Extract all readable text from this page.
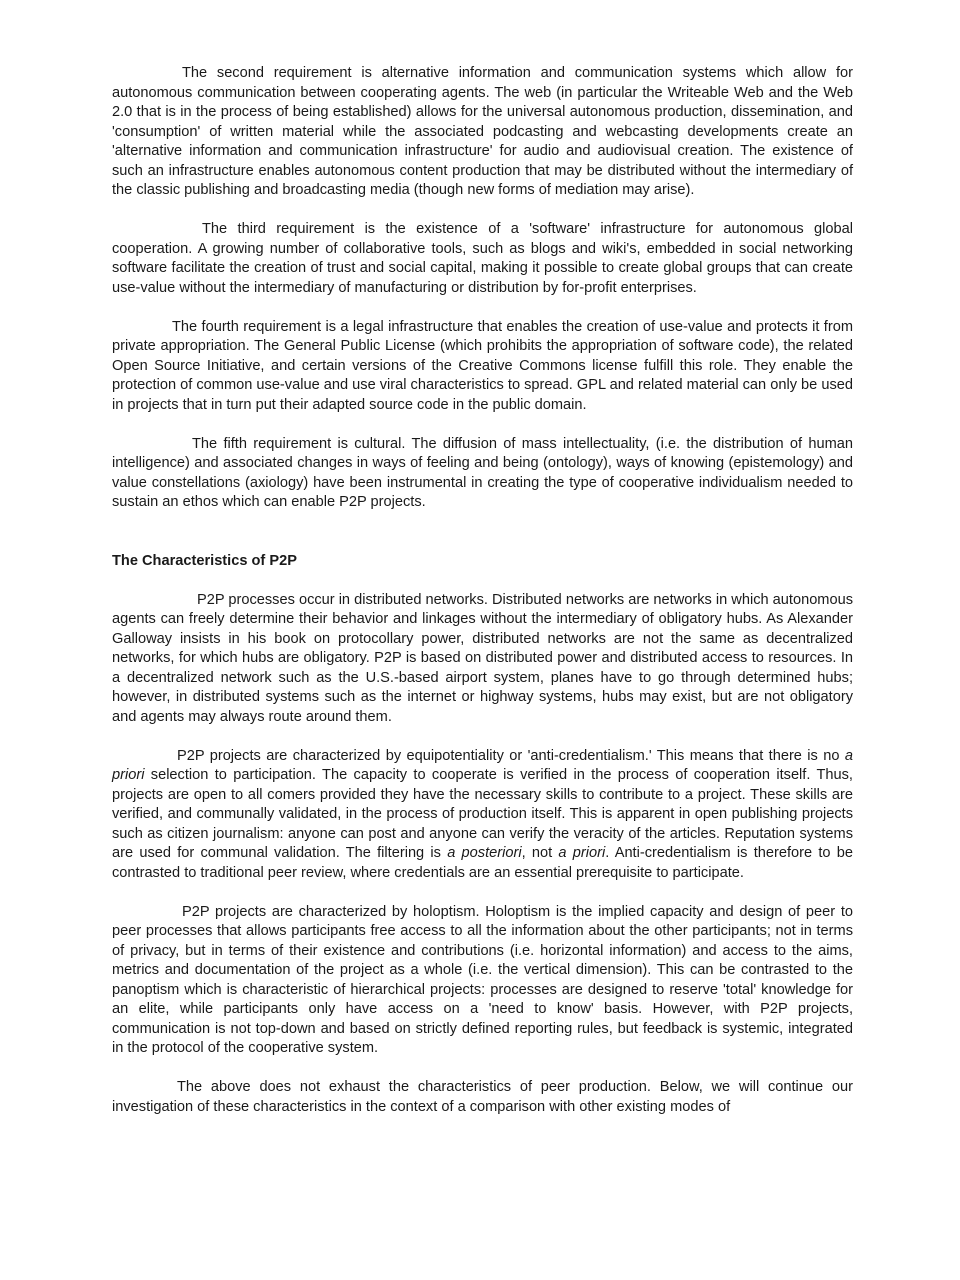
The second requirement is alternative information and communication systems which allow for autonomous communication between cooperating agents. The web (in particular the Writeable Web and the Web 2.0 that is in the process of being established) allows for the universal autonomous production, dissemination, and 'consumption' of written material while the associated podcasting and webcasting developments create an 'alternative information and communication infrastructure' for audio and audiovisual creation. The existence of such an infrastructure enables autonomous content production that may be distributed without the intermediary of the classic publishing and broadcasting media (though new forms of mediation may arise).

The third requirement is the existence of a 'software' infrastructure for autonomous global cooperation. A growing number of collaborative tools, such as blogs and wiki's, embedded in social networking software facilitate the creation of trust and social capital, making it possible to create global groups that can create use-value without the intermediary of manufacturing or distribution by for-profit enterprises.

The fourth requirement is a legal infrastructure that enables the creation of use-value and protects it from private appropriation. The General Public License (which prohibits the appropriation of software code), the related Open Source Initiative, and certain versions of the Creative Commons license fulfill this role. They enable the protection of common use-value and use viral characteristics to spread. GPL and related material can only be used in projects that in turn put their adapted source code in the public domain.

The fifth requirement is cultural. The diffusion of mass intellectuality, (i.e. the distribution of human intelligence) and associated changes in ways of feeling and being (ontology), ways of knowing (epistemology) and value constellations (axiology) have been instrumental in creating the type of cooperative individualism needed to sustain an ethos which can enable P2P projects.

The Characteristics of P2P

P2P processes occur in distributed networks. Distributed networks are networks in which autonomous agents can freely determine their behavior and linkages without the intermediary of obligatory hubs. As Alexander Galloway insists in his book on protocollary power, distributed networks are not the same as decentralized networks, for which hubs are obligatory. P2P is based on distributed power and distributed access to resources. In a decentralized network such as the U.S.-based airport system, planes have to go through determined hubs; however, in distributed systems such as the internet or highway systems, hubs may exist, but are not obligatory and agents may always route around them.

P2P projects are characterized by equipotentiality or 'anti-credentialism.' This means that there is no a priori selection to participation. The capacity to cooperate is verified in the process of cooperation itself. Thus, projects are open to all comers provided they have the necessary skills to contribute to a project. These skills are verified, and communally validated, in the process of production itself. This is apparent in open publishing projects such as citizen journalism: anyone can post and anyone can verify the veracity of the articles. Reputation systems are used for communal validation. The filtering is a posteriori, not a priori. Anti-credentialism is therefore to be contrasted to traditional peer review, where credentials are an essential prerequisite to participate.

P2P projects are characterized by holoptism. Holoptism is the implied capacity and design of peer to peer processes that allows participants free access to all the information about the other participants; not in terms of privacy, but in terms of their existence and contributions (i.e. horizontal information) and access to the aims, metrics and documentation of the project as a whole (i.e. the vertical dimension). This can be contrasted to the panoptism which is characteristic of hierarchical projects: processes are designed to reserve 'total' knowledge for an elite, while participants only have access on a 'need to know' basis. However, with P2P projects, communication is not top-down and based on strictly defined reporting rules, but feedback is systemic, integrated in the protocol of the cooperative system.

The above does not exhaust the characteristics of peer production. Below, we will continue our investigation of these characteristics in the context of a comparison with other existing modes of
